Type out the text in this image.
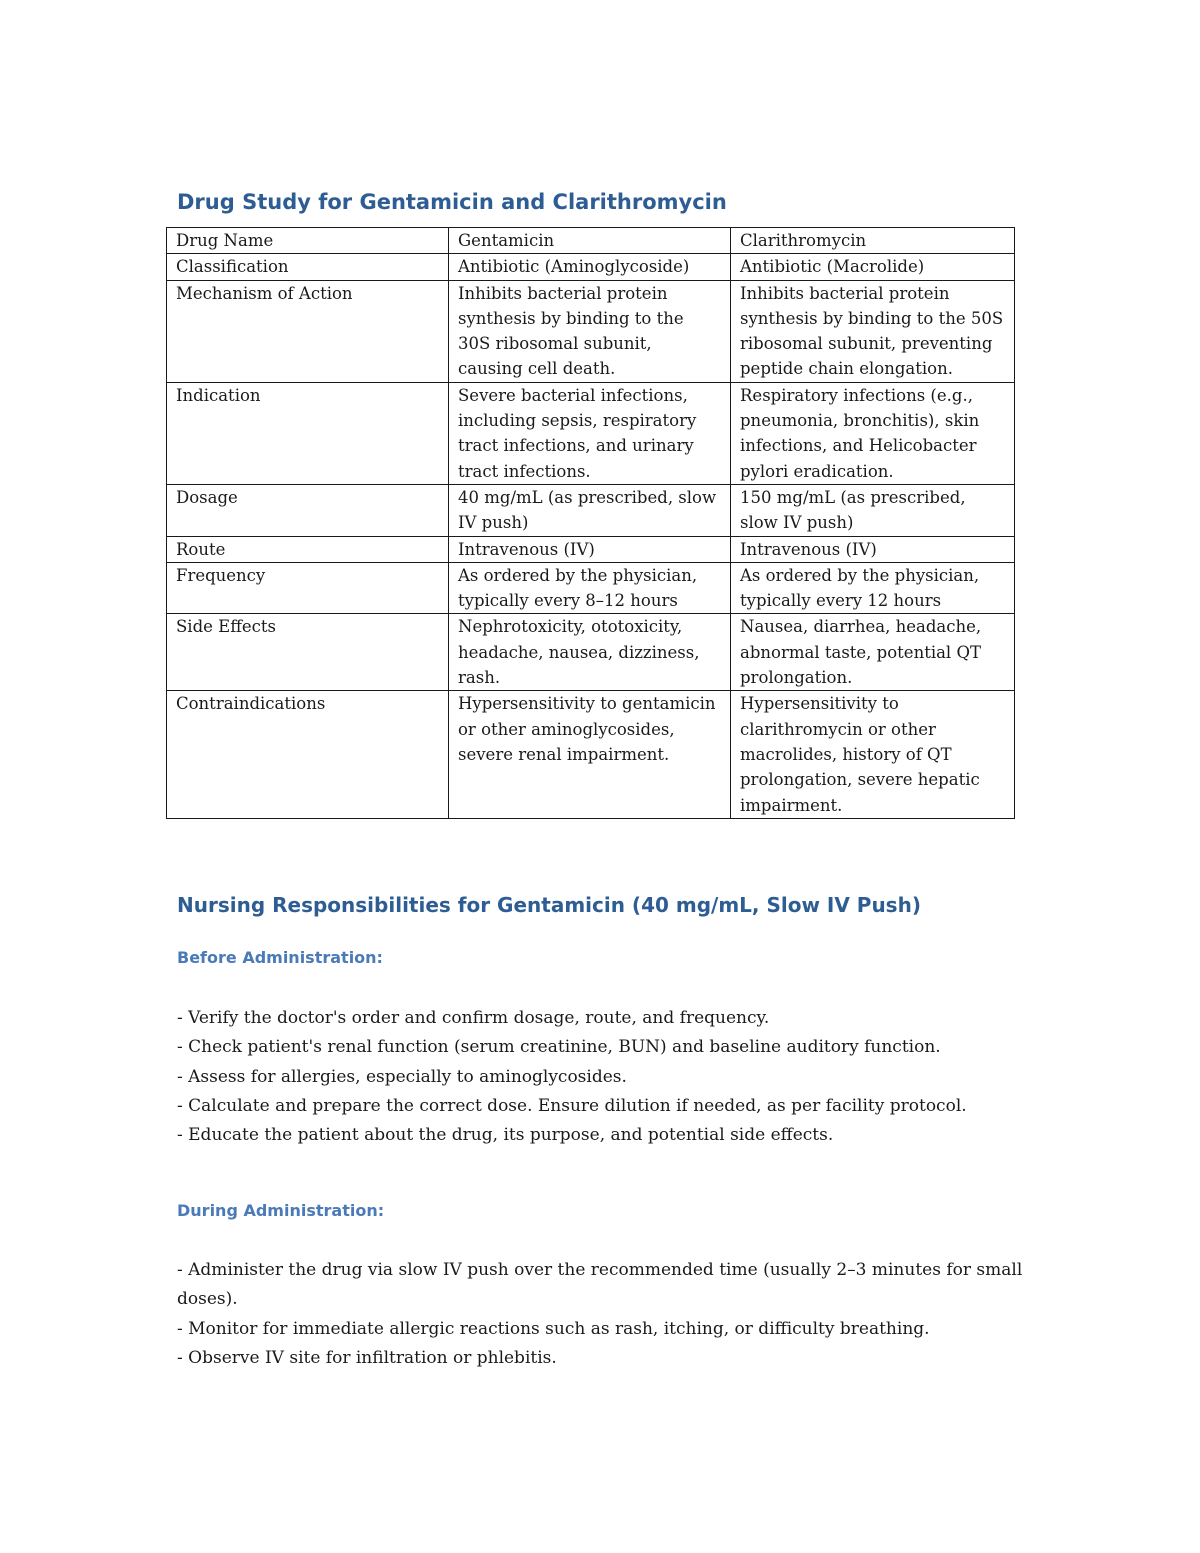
Drug Study for Gentamicin and Clarithromycin
Drug Name	Gentamicin	Clarithromycin
Classification	Antibiotic (Aminoglycoside)	Antibiotic (Macrolide)
Mechanism of Action	Inhibits bacterial protein synthesis by binding to the 30S ribosomal subunit, causing cell death.	Inhibits bacterial protein synthesis by binding to the 50S ribosomal subunit, preventing peptide chain elongation.
Indication	Severe bacterial infections, including sepsis, respiratory tract infections, and urinary tract infections.	Respiratory infections (e.g., pneumonia, bronchitis), skin infections, and Helicobacter pylori eradication.
Dosage	40 mg/mL (as prescribed, slow IV push)	150 mg/mL (as prescribed, slow IV push)
Route	Intravenous (IV)	Intravenous (IV)
Frequency	As ordered by the physician, typically every 8–12 hours	As ordered by the physician, typically every 12 hours
Side Effects	Nephrotoxicity, ototoxicity, headache, nausea, dizziness, rash.	Nausea, diarrhea, headache, abnormal taste, potential QT prolongation.
Contraindications	Hypersensitivity to gentamicin or other aminoglycosides, severe renal impairment.	Hypersensitivity to clarithromycin or other macrolides, history of QT prolongation, severe hepatic impairment.
Nursing Responsibilities for Gentamicin (40 mg/mL, Slow IV Push)
Before Administration:
- Verify the doctor's order and confirm dosage, route, and frequency.
- Check patient's renal function (serum creatinine, BUN) and baseline auditory function.
- Assess for allergies, especially to aminoglycosides.
- Calculate and prepare the correct dose. Ensure dilution if needed, as per facility protocol.
- Educate the patient about the drug, its purpose, and potential side effects.
During Administration:
- Administer the drug via slow IV push over the recommended time (usually 2–3 minutes for small doses).
- Monitor for immediate allergic reactions such as rash, itching, or difficulty breathing.
- Observe IV site for infiltration or phlebitis.
